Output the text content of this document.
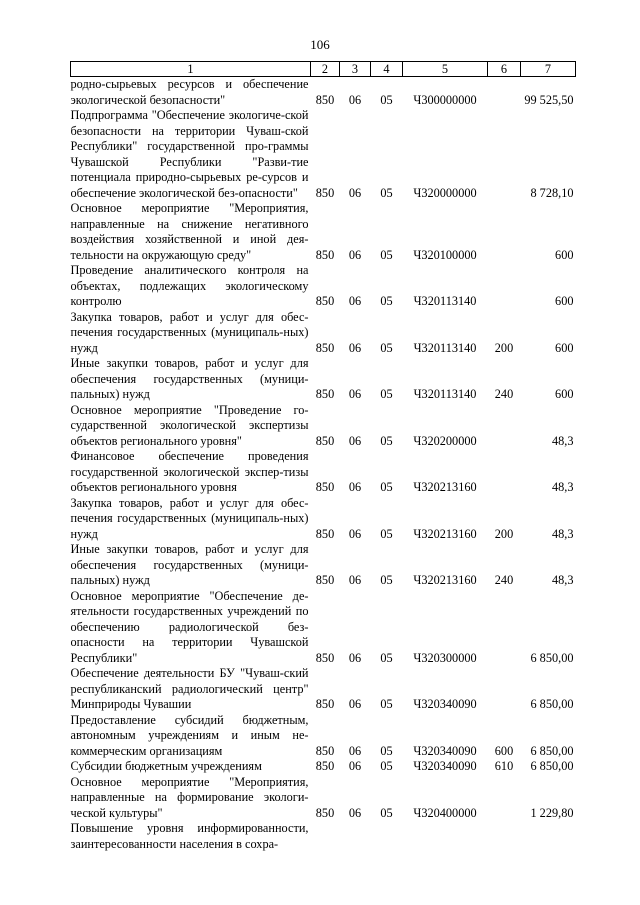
106
1	2	3	4	5	6	7
родно-сырьевых ресурсов и обеспечение экологической безопасности"	850	06	05	Ч300000000		99 525,50
Подпрограмма "Обеспечение экологиче-ской безопасности на территории Чуваш-ской Республики" государственной про-граммы Чувашской Республики "Разви-тие потенциала природно-сырьевых ре-сурсов и обеспечение экологической без-опасности"	850	06	05	Ч320000000		8 728,10
Основное мероприятие "Мероприятия, направленные на снижение негативного воздействия хозяйственной и иной дея-тельности на окружающую среду"	850	06	05	Ч320100000		600
Проведение аналитического контроля на объектах, подлежащих экологическому контролю	850	06	05	Ч320113140		600
Закупка товаров, работ и услуг для обес-печения государственных (муниципаль-ных) нужд	850	06	05	Ч320113140	200	600
Иные закупки товаров, работ и услуг для обеспечения государственных (муници-пальных) нужд	850	06	05	Ч320113140	240	600
Основное мероприятие "Проведение го-сударственной экологической экспертизы объектов регионального уровня"	850	06	05	Ч320200000		48,3
Финансовое обеспечение проведения государственной экологической экспер-тизы объектов регионального уровня	850	06	05	Ч320213160		48,3
Закупка товаров, работ и услуг для обес-печения государственных (муниципаль-ных) нужд	850	06	05	Ч320213160	200	48,3
Иные закупки товаров, работ и услуг для обеспечения государственных (муници-пальных) нужд	850	06	05	Ч320213160	240	48,3
Основное мероприятие "Обеспечение де-ятельности государственных учреждений по обеспечению радиологической без-опасности на территории Чувашской Республики"	850	06	05	Ч320300000		6 850,00
Обеспечение деятельности БУ "Чуваш-ский республиканский радиологический центр" Минприроды Чувашии	850	06	05	Ч320340090		6 850,00
Предоставление субсидий бюджетным, автономным учреждениям и иным не-коммерческим организациям	850	06	05	Ч320340090	600	6 850,00
Субсидии бюджетным учреждениям	850	06	05	Ч320340090	610	6 850,00
Основное мероприятие "Мероприятия, направленные на формирование экологи-ческой культуры"	850	06	05	Ч320400000		1 229,80
Повышение уровня информированности, заинтересованности населения в сохра-						
